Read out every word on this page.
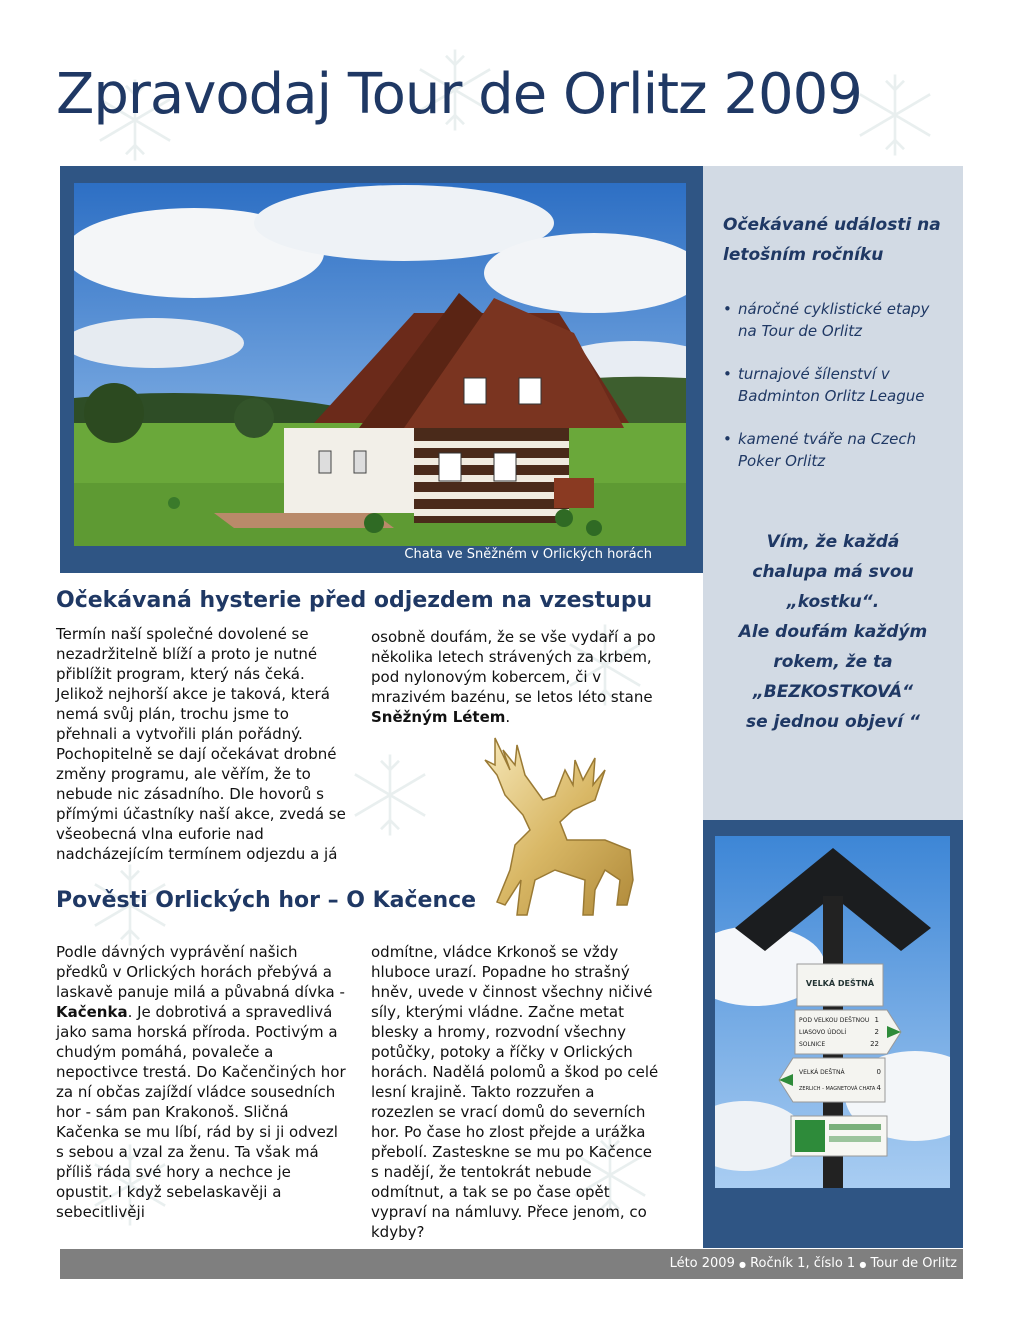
Zpravodaj Tour de Orlitz 2009
Chata ve Sněžném v Orlických horách
Očekávané události na letošním ročníku
• náročné cyklistické etapy na Tour de Orlitz
• turnajové šílenství v Badminton Orlitz League
• kamené tváře na Czech Poker Orlitz
Vím, že každá
chalupa má svou
„kostku“.
Ale doufám každým
rokem, že ta
„BEZKOSTKOVÁ“
se jednou objeví “
VELKÁ DEŠTNÁ
POD VELKOU DEŠTNOU 1
LIASOVO ÚDOLÍ	2
SOLNICE	22
VELKÁ DEŠTNÁ	0
ZERLICH - MAGNETOVÁ CHATA 4
Očekávaná hysterie před odjezdem na vzestupu

Termín naší společné dovolené se nezadržitelně blíží a proto je nutné přiblížit program, který nás čeká. Jelikož nejhorší akce je taková, která nemá svůj plán, trochu jsme to přehnali a vytvořili plán pořádný. Pochopitelně se dají očekávat drobné změny programu, ale věřím, že to nebude nic zásadního. Dle hovorů s přímými účastníky naší akce, zvedá se všeobecná vlna euforie nad nadcházejícím termínem odjezdu a já

osobně doufám, že se vše vydaří a po několika letech strávených za krbem, pod nylonovým kobercem, či v mrazivém bazénu, se letos léto stane Sněžným Létem.

Pověsti Orlických hor – O Kačence

Podle dávných vyprávění našich předků v Orlických horách přebývá a laskavě panuje milá a půvabná dívka - Kačenka. Je dobrotivá a spravedlivá jako sama horská příroda. Poctivým a chudým pomáhá, povaleče a nepoctivce trestá. Do Kačenčiných hor za ní občas zajíždí vládce sousedních hor - sám pan Krakonoš. Sličná Kačenka se mu líbí, rád by si ji odvezl s sebou a vzal za ženu. Ta však má příliš ráda své hory a nechce je opustit. I když sebelaskavěji a sebecitlivěji

odmítne, vládce Krkonoš se vždy hluboce urazí. Popadne ho strašný hněv, uvede v činnost všechny ničivé síly, kterými vládne. Začne metat blesky a hromy, rozvodní všechny potůčky, potoky a říčky v Orlických horách. Nadělá polomů a škod po celé lesní krajině. Takto rozzuřen a rozezlen se vrací domů do severních hor. Po čase ho zlost přejde a urážka přebolí. Zasteskne se mu po Kačence s nadějí, že tentokrát nebude odmítnut, a tak se po čase opět vypraví na námluvy. Přece jenom, co kdyby?

Léto 2009 ● Ročník 1, číslo 1 ● Tour de Orlitz
